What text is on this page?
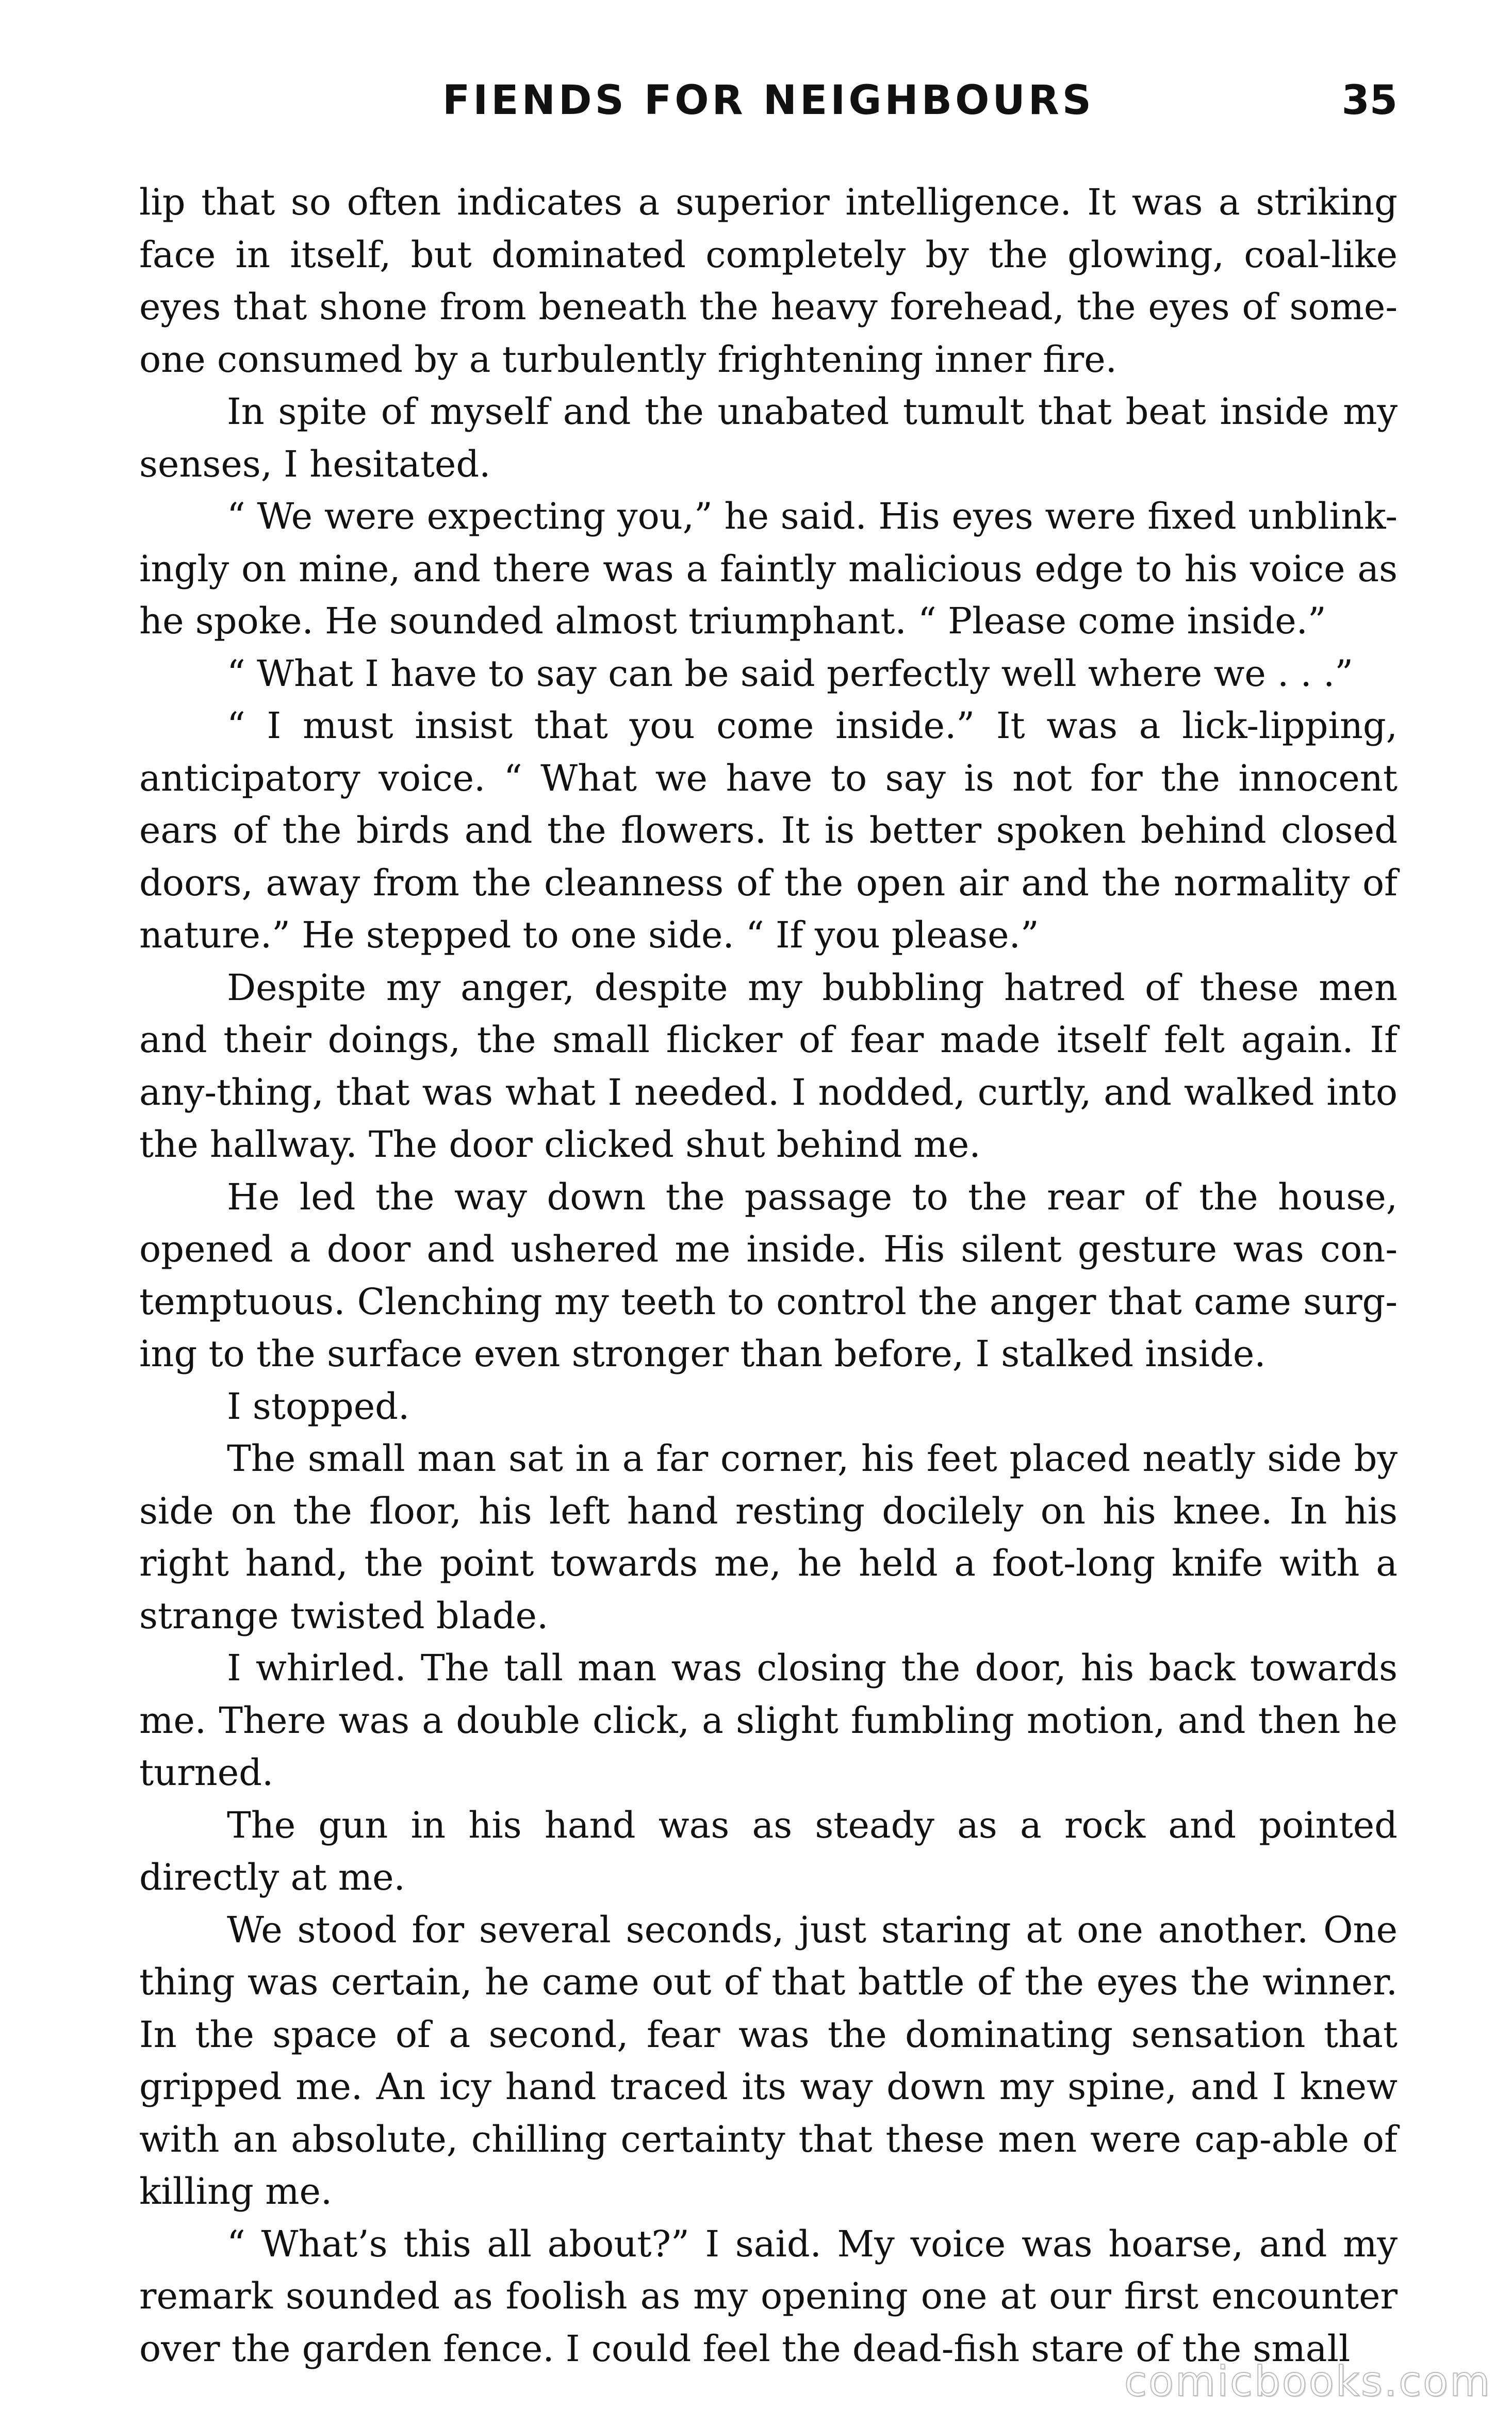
FIENDS FOR NEIGHBOURS	35

lip that so often indicates a superior intelligence. It was a striking face in itself, but dominated completely by the glowing, coal-like eyes that shone from beneath the heavy forehead, the eyes of some-one consumed by a turbulently frightening inner fire.

In spite of myself and the unabated tumult that beat inside my senses, I hesitated.

“ We were expecting you,” he said. His eyes were fixed unblink-ingly on mine, and there was a faintly malicious edge to his voice as he spoke. He sounded almost triumphant. “ Please come inside.”

“ What I have to say can be said perfectly well where we . . .”

“ I must insist that you come inside.” It was a lick-lipping, anticipatory voice. “ What we have to say is not for the innocent ears of the birds and the flowers. It is better spoken behind closed doors, away from the cleanness of the open air and the normality of nature.” He stepped to one side. “ If you please.”

Despite my anger, despite my bubbling hatred of these men and their doings, the small flicker of fear made itself felt again. If any-thing, that was what I needed. I nodded, curtly, and walked into the hallway. The door clicked shut behind me.

He led the way down the passage to the rear of the house, opened a door and ushered me inside. His silent gesture was con-temptuous. Clenching my teeth to control the anger that came surg-ing to the surface even stronger than before, I stalked inside.

I stopped.

The small man sat in a far corner, his feet placed neatly side by side on the floor, his left hand resting docilely on his knee. In his right hand, the point towards me, he held a foot-long knife with a strange twisted blade.

I whirled. The tall man was closing the door, his back towards me. There was a double click, a slight fumbling motion, and then he turned.

The gun in his hand was as steady as a rock and pointed directly at me.

We stood for several seconds, just staring at one another. One thing was certain, he came out of that battle of the eyes the winner. In the space of a second, fear was the dominating sensation that gripped me. An icy hand traced its way down my spine, and I knew with an absolute, chilling certainty that these men were cap-able of killing me.

“ What’s this all about?” I said. My voice was hoarse, and my remark sounded as foolish as my opening one at our first encounter over the garden fence. I could feel the dead-fish stare of the small

comicbooks.com
